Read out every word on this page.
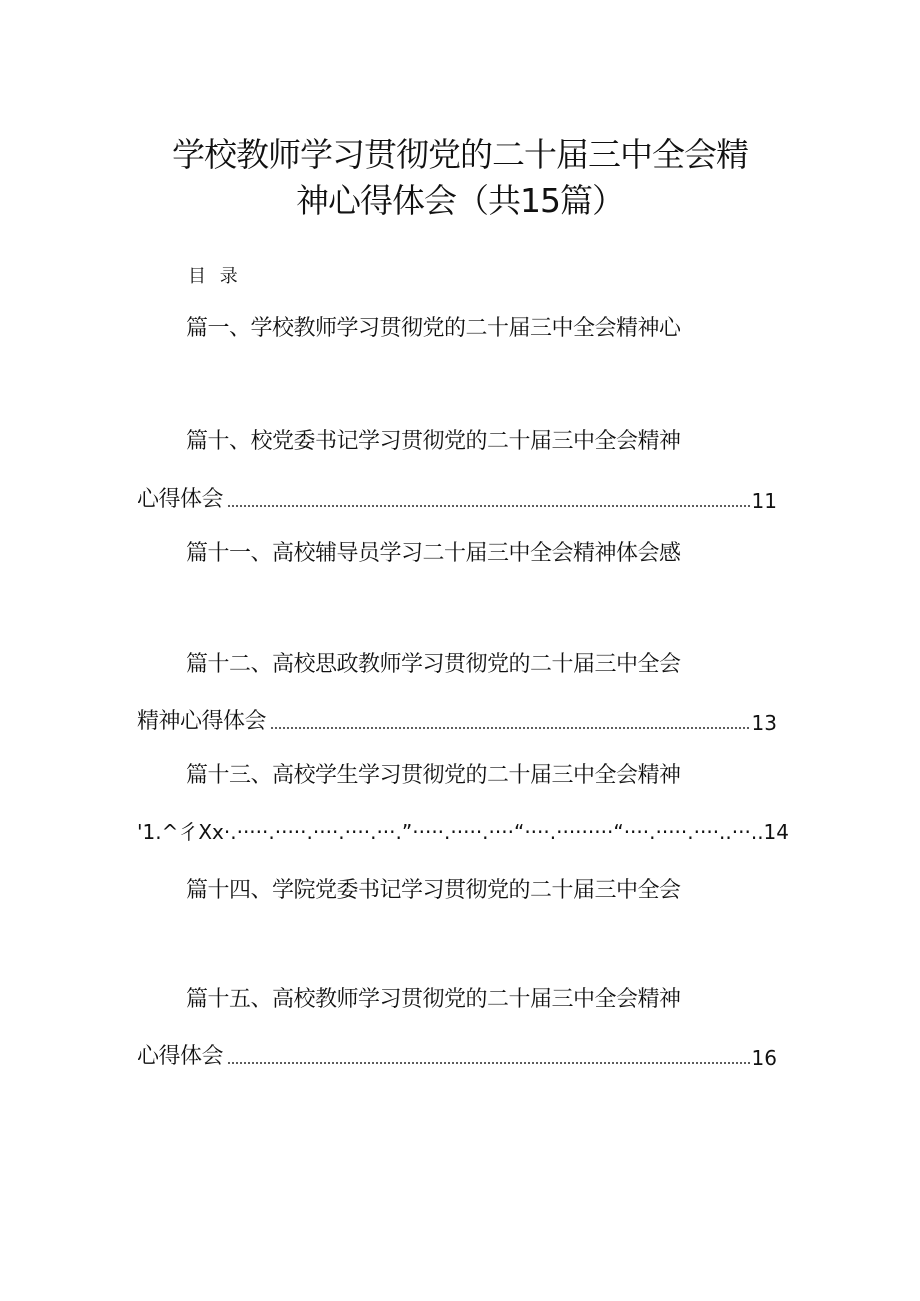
学校教师学习贯彻党的二十届三中全会精
神心得体会（共15篇）
目 录
篇一、学校教师学习贯彻党的二十届三中全会精神心
篇十、校党委书记学习贯彻党的二十届三中全会精神
心得体会	11
篇十一、高校辅导员学习二十届三中全会精神体会感
篇十二、高校思政教师学习贯彻党的二十届三中全会
精神心得体会	13
篇十三、高校学生学习贯彻党的二十届三中全会精神
'1.^彳Xx·.·····.·····.····.····.···.”·····.·····.····“····.·········“····.·····.····..···..14
篇十四、学院党委书记学习贯彻党的二十届三中全会
篇十五、高校教师学习贯彻党的二十届三中全会精神
心得体会	16
